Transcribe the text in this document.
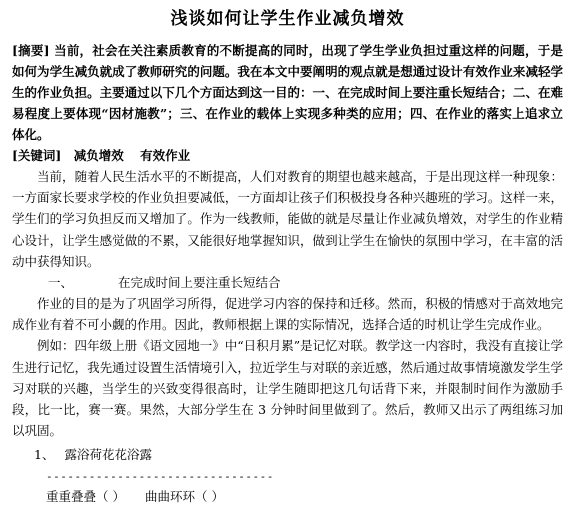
浅谈如何让学生作业减负增效

[摘要] 当前，社会在关注素质教育的不断提高的同时，出现了学生学业负担过重这样的问题，于是如何为学生减负就成了教师研究的问题。我在本文中要阐明的观点就是想通过设计有效作业来减轻学生的作业负担。主要通过以下几个方面达到这一目的：一、在完成时间上要注重长短结合；二、在难易程度上要体现“因材施教”；三、在作业的载体上实现多种类的应用；四、在作业的落实上追求立体化。

[关键词] 减负增效 有效作业

当前，随着人民生活水平的不断提高，人们对教育的期望也越来越高，于是出现这样一种现象：一方面家长要求学校的作业负担要减低，一方面却让孩子们积极投身各种兴趣班的学习。这样一来，学生们的学习负担反而又增加了。作为一线教师，能做的就是尽量让作业减负增效，对学生的作业精心设计，让学生感觉做的不累，又能很好地掌握知识，做到让学生在愉快的氛围中学习，在丰富的活动中获得知识。

一、	在完成时间上要注重长短结合

作业的目的是为了巩固学习所得，促进学习内容的保持和迁移。然而，积极的情感对于高效地完成作业有着不可小觑的作用。因此，教师根据上课的实际情况，选择合适的时机让学生完成作业。

例如：四年级上册《语文园地一》中“日积月累”是记忆对联。教学这一内容时，我没有直接让学生进行记忆，我先通过设置生活情境引入，拉近学生与对联的亲近感，然后通过故事情境激发学生学习对联的兴趣，当学生的兴致变得很高时，让学生随即把这几句话背下来，并限制时间作为激励手段，比一比，赛一赛。果然，大部分学生在 3 分钟时间里做到了。然后，教师又出示了两组练习加以巩固。

1、 露浴荷花花浴露

--------------------------------

重重叠叠（ ） 曲曲环环（ ）
